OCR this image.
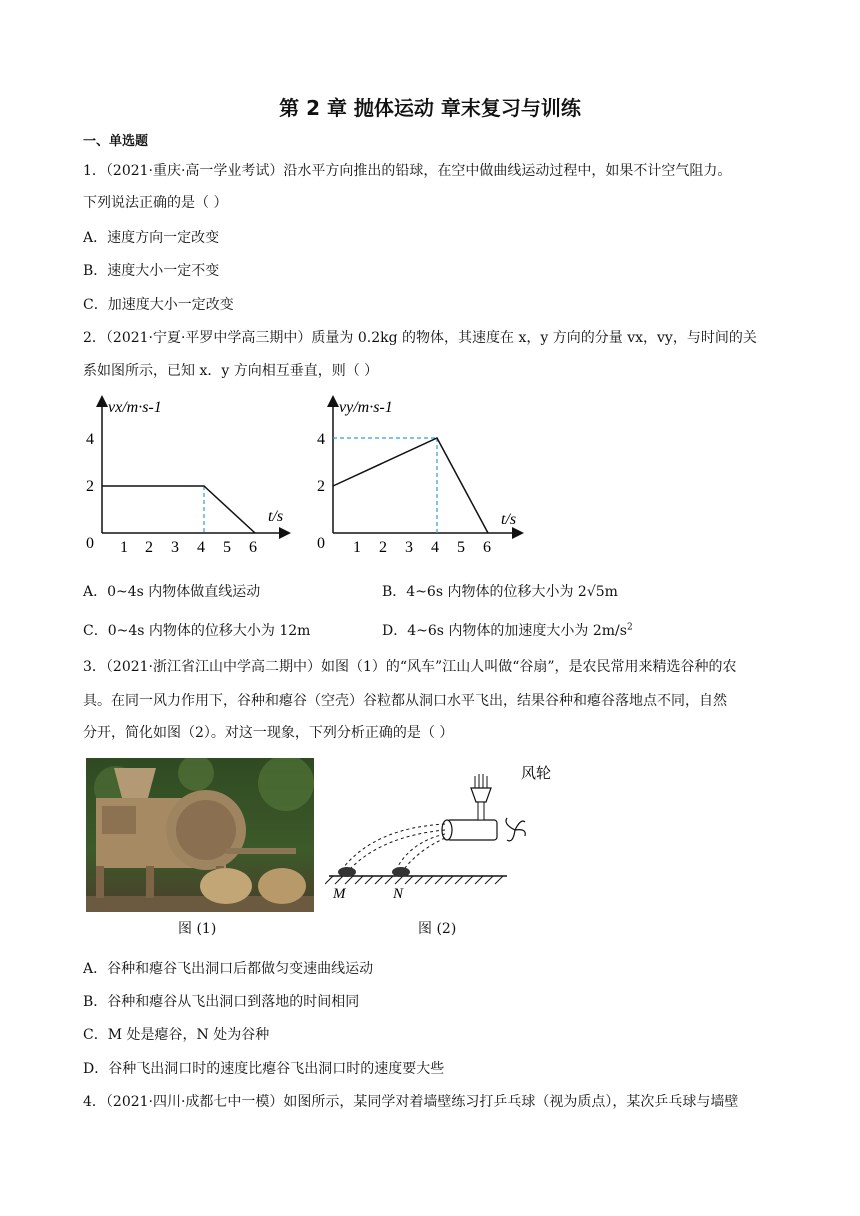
第 2 章 抛体运动 章末复习与训练
一、单选题
1．（2021·重庆·高一学业考试）沿水平方向推出的铅球，在空中做曲线运动过程中，如果不计空气阻力。
下列说法正确的是（ ）
A．速度方向一定改变
B．速度大小一定不变
C．加速度大小一定改变
2．（2021·宁夏·平罗中学高三期中）质量为 0.2kg 的物体，其速度在 x，y 方向的分量 vx，vy，与时间的关
系如图所示，已知 x．y 方向相互垂直，则（ ）
vx/m·s-1
t/s
0
2
4
1 2 3 4 5 6
vy/m·s-1
t/s
0
2
4
1 2 3 4 5 6
A．0~4s 内物体做直线运动	B．4~6s 内物体的位移大小为 2√5m
C．0~4s 内物体的位移大小为 12m	D．4~6s 内物体的加速度大小为 $2m/s^2$
3．（2021·浙江省江山中学高二期中）如图（1）的“风车”江山人叫做“谷扇”，是农民常用来精选谷种的农
具。在同一风力作用下，谷种和瘪谷（空壳）谷粒都从洞口水平飞出，结果谷种和瘪谷落地点不同，自然
分开，简化如图（2）。对这一现象，下列分析正确的是（ ）
图 (1)
风轮
M	N
图 (2)
A．谷种和瘪谷飞出洞口后都做匀变速曲线运动
B．谷种和瘪谷从飞出洞口到落地的时间相同
C．M 处是瘪谷，N 处为谷种
D．谷种飞出洞口时的速度比瘪谷飞出洞口时的速度要大些
4．（2021·四川·成都七中一模）如图所示，某同学对着墙壁练习打乒乓球（视为质点），某次乒乓球与墙壁
